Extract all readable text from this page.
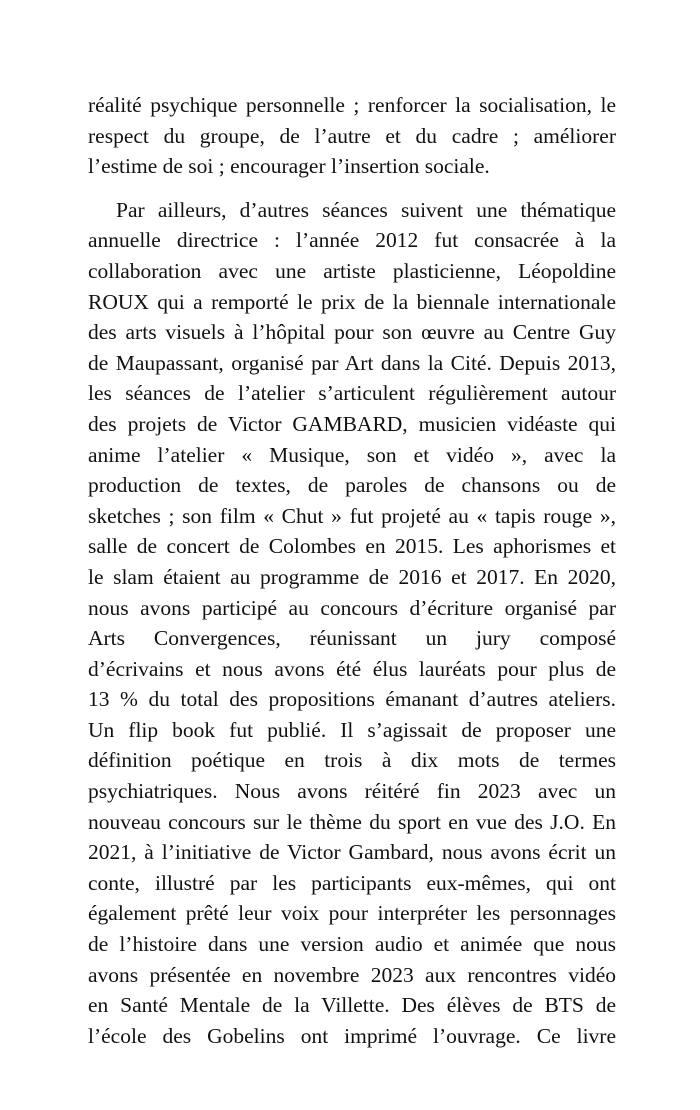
réalité psychique personnelle ; renforcer la socialisation, le
respect du groupe, de l’autre et du cadre ; améliorer
l’estime de soi ; encourager l’insertion sociale.

Par ailleurs, d’autres séances suivent une thématique
annuelle directrice : l’année 2012 fut consacrée à la
collaboration avec une artiste plasticienne, Léopoldine
ROUX qui a remporté le prix de la biennale internationale
des arts visuels à l’hôpital pour son œuvre au Centre Guy
de Maupassant, organisé par Art dans la Cité. Depuis 2013,
les séances de l’atelier s’articulent régulièrement autour
des projets de Victor GAMBARD, musicien vidéaste qui
anime l’atelier « Musique, son et vidéo », avec la
production de textes, de paroles de chansons ou de
sketches ; son film « Chut » fut projeté au « tapis rouge »,
salle de concert de Colombes en 2015. Les aphorismes et
le slam étaient au programme de 2016 et 2017. En 2020,
nous avons participé au concours d’écriture organisé par
Arts Convergences, réunissant un jury composé
d’écrivains et nous avons été élus lauréats pour plus de
13 % du total des propositions émanant d’autres ateliers.
Un flip book fut publié. Il s’agissait de proposer une
définition poétique en trois à dix mots de termes
psychiatriques. Nous avons réitéré fin 2023 avec un
nouveau concours sur le thème du sport en vue des J.O. En
2021, à l’initiative de Victor Gambard, nous avons écrit un
conte, illustré par les participants eux-mêmes, qui ont
également prêté leur voix pour interpréter les personnages
de l’histoire dans une version audio et animée que nous
avons présentée en novembre 2023 aux rencontres vidéo
en Santé Mentale de la Villette. Des élèves de BTS de
l’école des Gobelins ont imprimé l’ouvrage. Ce livre
